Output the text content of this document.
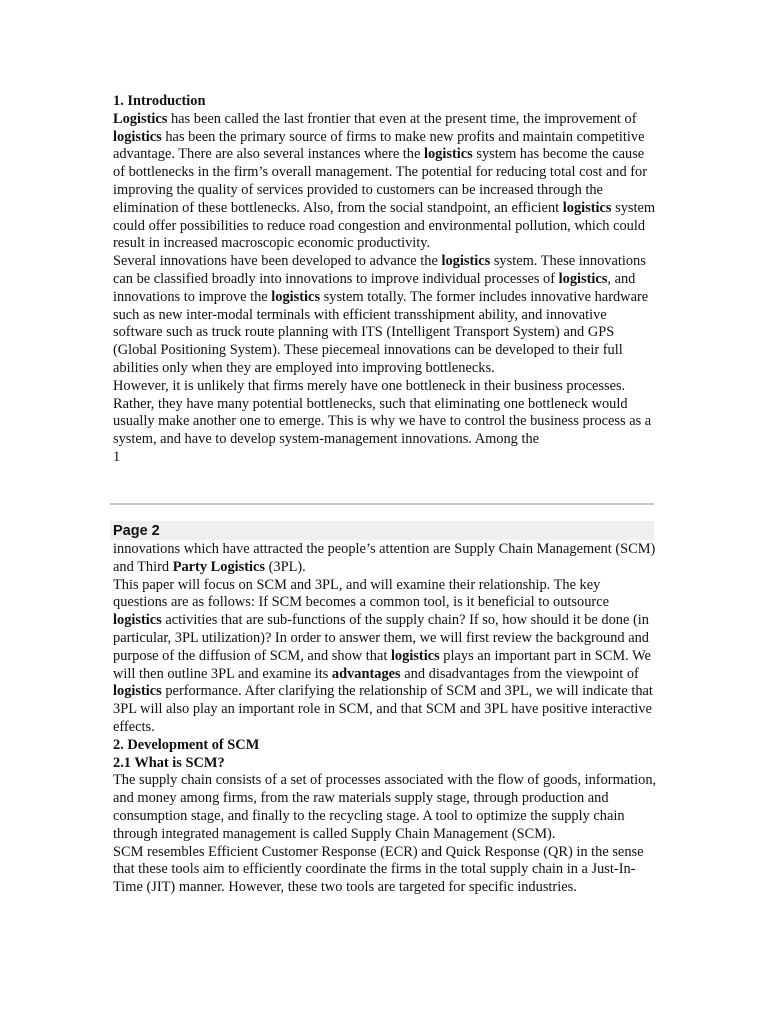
1. Introduction

Logistics has been called the last frontier that even at the present time, the improvement of logistics has been the primary source of firms to make new profits and maintain competitive advantage. There are also several instances where the logistics system has become the cause of bottlenecks in the firm’s overall management. The potential for reducing total cost and for improving the quality of services provided to customers can be increased through the elimination of these bottlenecks. Also, from the social standpoint, an efficient logistics system could offer possibilities to reduce road congestion and environmental pollution, which could result in increased macroscopic economic productivity.

Several innovations have been developed to advance the logistics system. These innovations can be classified broadly into innovations to improve individual processes of logistics, and innovations to improve the logistics system totally. The former includes innovative hardware such as new inter-modal terminals with efficient transshipment ability, and innovative software such as truck route planning with ITS (Intelligent Transport System) and GPS (Global Positioning System). These piecemeal innovations can be developed to their full abilities only when they are employed into improving bottlenecks.

However, it is unlikely that firms merely have one bottleneck in their business processes. Rather, they have many potential bottlenecks, such that eliminating one bottleneck would usually make another one to emerge. This is why we have to control the business process as a system, and have to develop system-management innovations. Among the

1

Page 2

innovations which have attracted the people’s attention are Supply Chain Management (SCM) and Third Party Logistics (3PL).

This paper will focus on SCM and 3PL, and will examine their relationship. The key questions are as follows: If SCM becomes a common tool, is it beneficial to outsource logistics activities that are sub-functions of the supply chain? If so, how should it be done (in particular, 3PL utilization)? In order to answer them, we will first review the background and purpose of the diffusion of SCM, and show that logistics plays an important part in SCM. We will then outline 3PL and examine its advantages and disadvantages from the viewpoint of logistics performance. After clarifying the relationship of SCM and 3PL, we will indicate that 3PL will also play an important role in SCM, and that SCM and 3PL have positive interactive effects.

2. Development of SCM

2.1 What is SCM?

The supply chain consists of a set of processes associated with the flow of goods, information, and money among firms, from the raw materials supply stage, through production and consumption stage, and finally to the recycling stage. A tool to optimize the supply chain through integrated management is called Supply Chain Management (SCM).

SCM resembles Efficient Customer Response (ECR) and Quick Response (QR) in the sense that these tools aim to efficiently coordinate the firms in the total supply chain in a Just-In-Time (JIT) manner. However, these two tools are targeted for specific industries.
